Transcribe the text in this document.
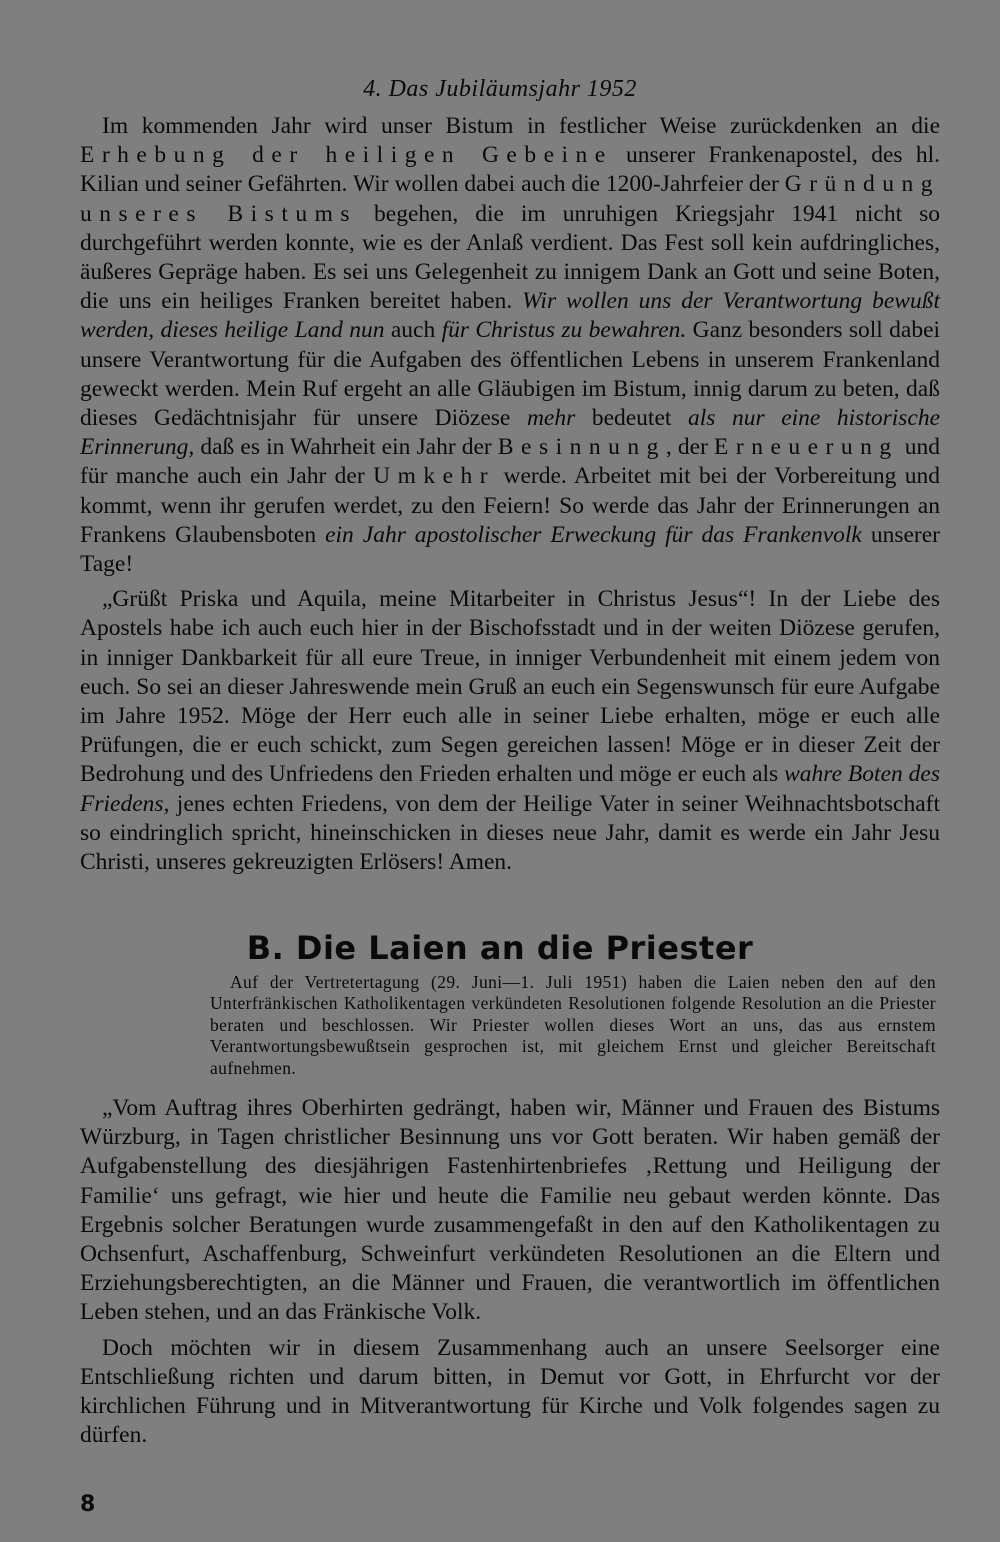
4. Das Jubiläumsjahr 1952

Im kommenden Jahr wird unser Bistum in festlicher Weise zurückdenken an die Erhebung der heiligen Gebeine unserer Frankenapostel, des hl. Kilian und seiner Gefährten. Wir wollen dabei auch die 1200-Jahrfeier der Gründung unseres Bistums begehen, die im unruhigen Kriegsjahr 1941 nicht so durchgeführt werden konnte, wie es der Anlaß verdient. Das Fest soll kein aufdringliches, äußeres Gepräge haben. Es sei uns Gelegenheit zu innigem Dank an Gott und seine Boten, die uns ein heiliges Franken bereitet haben. Wir wollen uns der Verantwortung bewußt werden, dieses heilige Land nun auch für Christus zu bewahren. Ganz besonders soll dabei unsere Verantwortung für die Aufgaben des öffentlichen Lebens in unserem Frankenland geweckt werden. Mein Ruf ergeht an alle Gläubigen im Bistum, innig darum zu beten, daß dieses Gedächtnisjahr für unsere Diözese mehr bedeutet als nur eine historische Erinnerung, daß es in Wahrheit ein Jahr der Besinnung, der Erneuerung und für manche auch ein Jahr der Umkehr werde. Arbeitet mit bei der Vorbereitung und kommt, wenn ihr gerufen werdet, zu den Feiern! So werde das Jahr der Erinnerungen an Frankens Glaubensboten ein Jahr apostolischer Erweckung für das Frankenvolk unserer Tage!

„Grüßt Priska und Aquila, meine Mitarbeiter in Christus Jesus“! In der Liebe des Apostels habe ich auch euch hier in der Bischofsstadt und in der weiten Diözese gerufen, in inniger Dankbarkeit für all eure Treue, in inniger Verbundenheit mit einem jedem von euch. So sei an dieser Jahreswende mein Gruß an euch ein Segenswunsch für eure Aufgabe im Jahre 1952. Möge der Herr euch alle in seiner Liebe erhalten, möge er euch alle Prüfungen, die er euch schickt, zum Segen gereichen lassen! Möge er in dieser Zeit der Bedrohung und des Unfriedens den Frieden erhalten und möge er euch als wahre Boten des Friedens, jenes echten Friedens, von dem der Heilige Vater in seiner Weihnachtsbotschaft so eindringlich spricht, hineinschicken in dieses neue Jahr, damit es werde ein Jahr Jesu Christi, unseres gekreuzigten Erlösers! Amen.

B. Die Laien an die Priester

Auf der Vertretertagung (29. Juni—1. Juli 1951) haben die Laien neben den auf den Unterfränkischen Katholikentagen verkündeten Resolutionen folgende Resolution an die Priester beraten und beschlossen. Wir Priester wollen dieses Wort an uns, das aus ernstem Verantwortungsbewußtsein gesprochen ist, mit gleichem Ernst und gleicher Bereitschaft aufnehmen.

„Vom Auftrag ihres Oberhirten gedrängt, haben wir, Männer und Frauen des Bistums Würzburg, in Tagen christlicher Besinnung uns vor Gott beraten. Wir haben gemäß der Aufgabenstellung des diesjährigen Fastenhirtenbriefes ‚Rettung und Heiligung der Familie‘ uns gefragt, wie hier und heute die Familie neu gebaut werden könnte. Das Ergebnis solcher Beratungen wurde zusammengefaßt in den auf den Katholikentagen zu Ochsenfurt, Aschaffenburg, Schweinfurt verkündeten Resolutionen an die Eltern und Erziehungsberechtigten, an die Männer und Frauen, die verantwortlich im öffentlichen Leben stehen, und an das Fränkische Volk.

Doch möchten wir in diesem Zusammenhang auch an unsere Seelsorger eine Entschließung richten und darum bitten, in Demut vor Gott, in Ehrfurcht vor der kirchlichen Führung und in Mitverantwortung für Kirche und Volk folgendes sagen zu dürfen.

8
